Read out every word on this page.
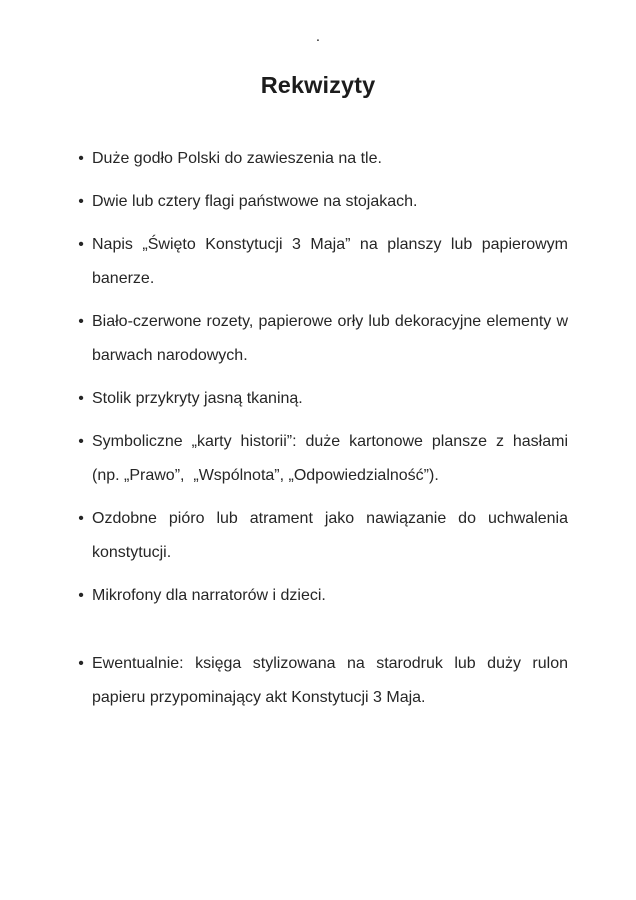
.
Rekwizyty
• Duże godło Polski do zawieszenia na tle.
• Dwie lub cztery flagi państwowe na stojakach.
• Napis „Święto Konstytucji 3 Maja” na planszy lub papierowym banerze.
• Biało-czerwone rozety, papierowe orły lub dekoracyjne elementy w barwach narodowych.
• Stolik przykryty jasną tkaniną.
• Symboliczne „karty historii”: duże kartonowe plansze z hasłami (np. „Prawo”,  „Wspólnota”, „Odpowiedzialność”).
• Ozdobne pióro lub atrament jako nawiązanie do uchwalenia konstytucji.
• Mikrofony dla narratorów i dzieci.
• Ewentualnie: księga stylizowana na starodruk lub duży rulon papieru przypominający akt Konstytucji 3 Maja.
